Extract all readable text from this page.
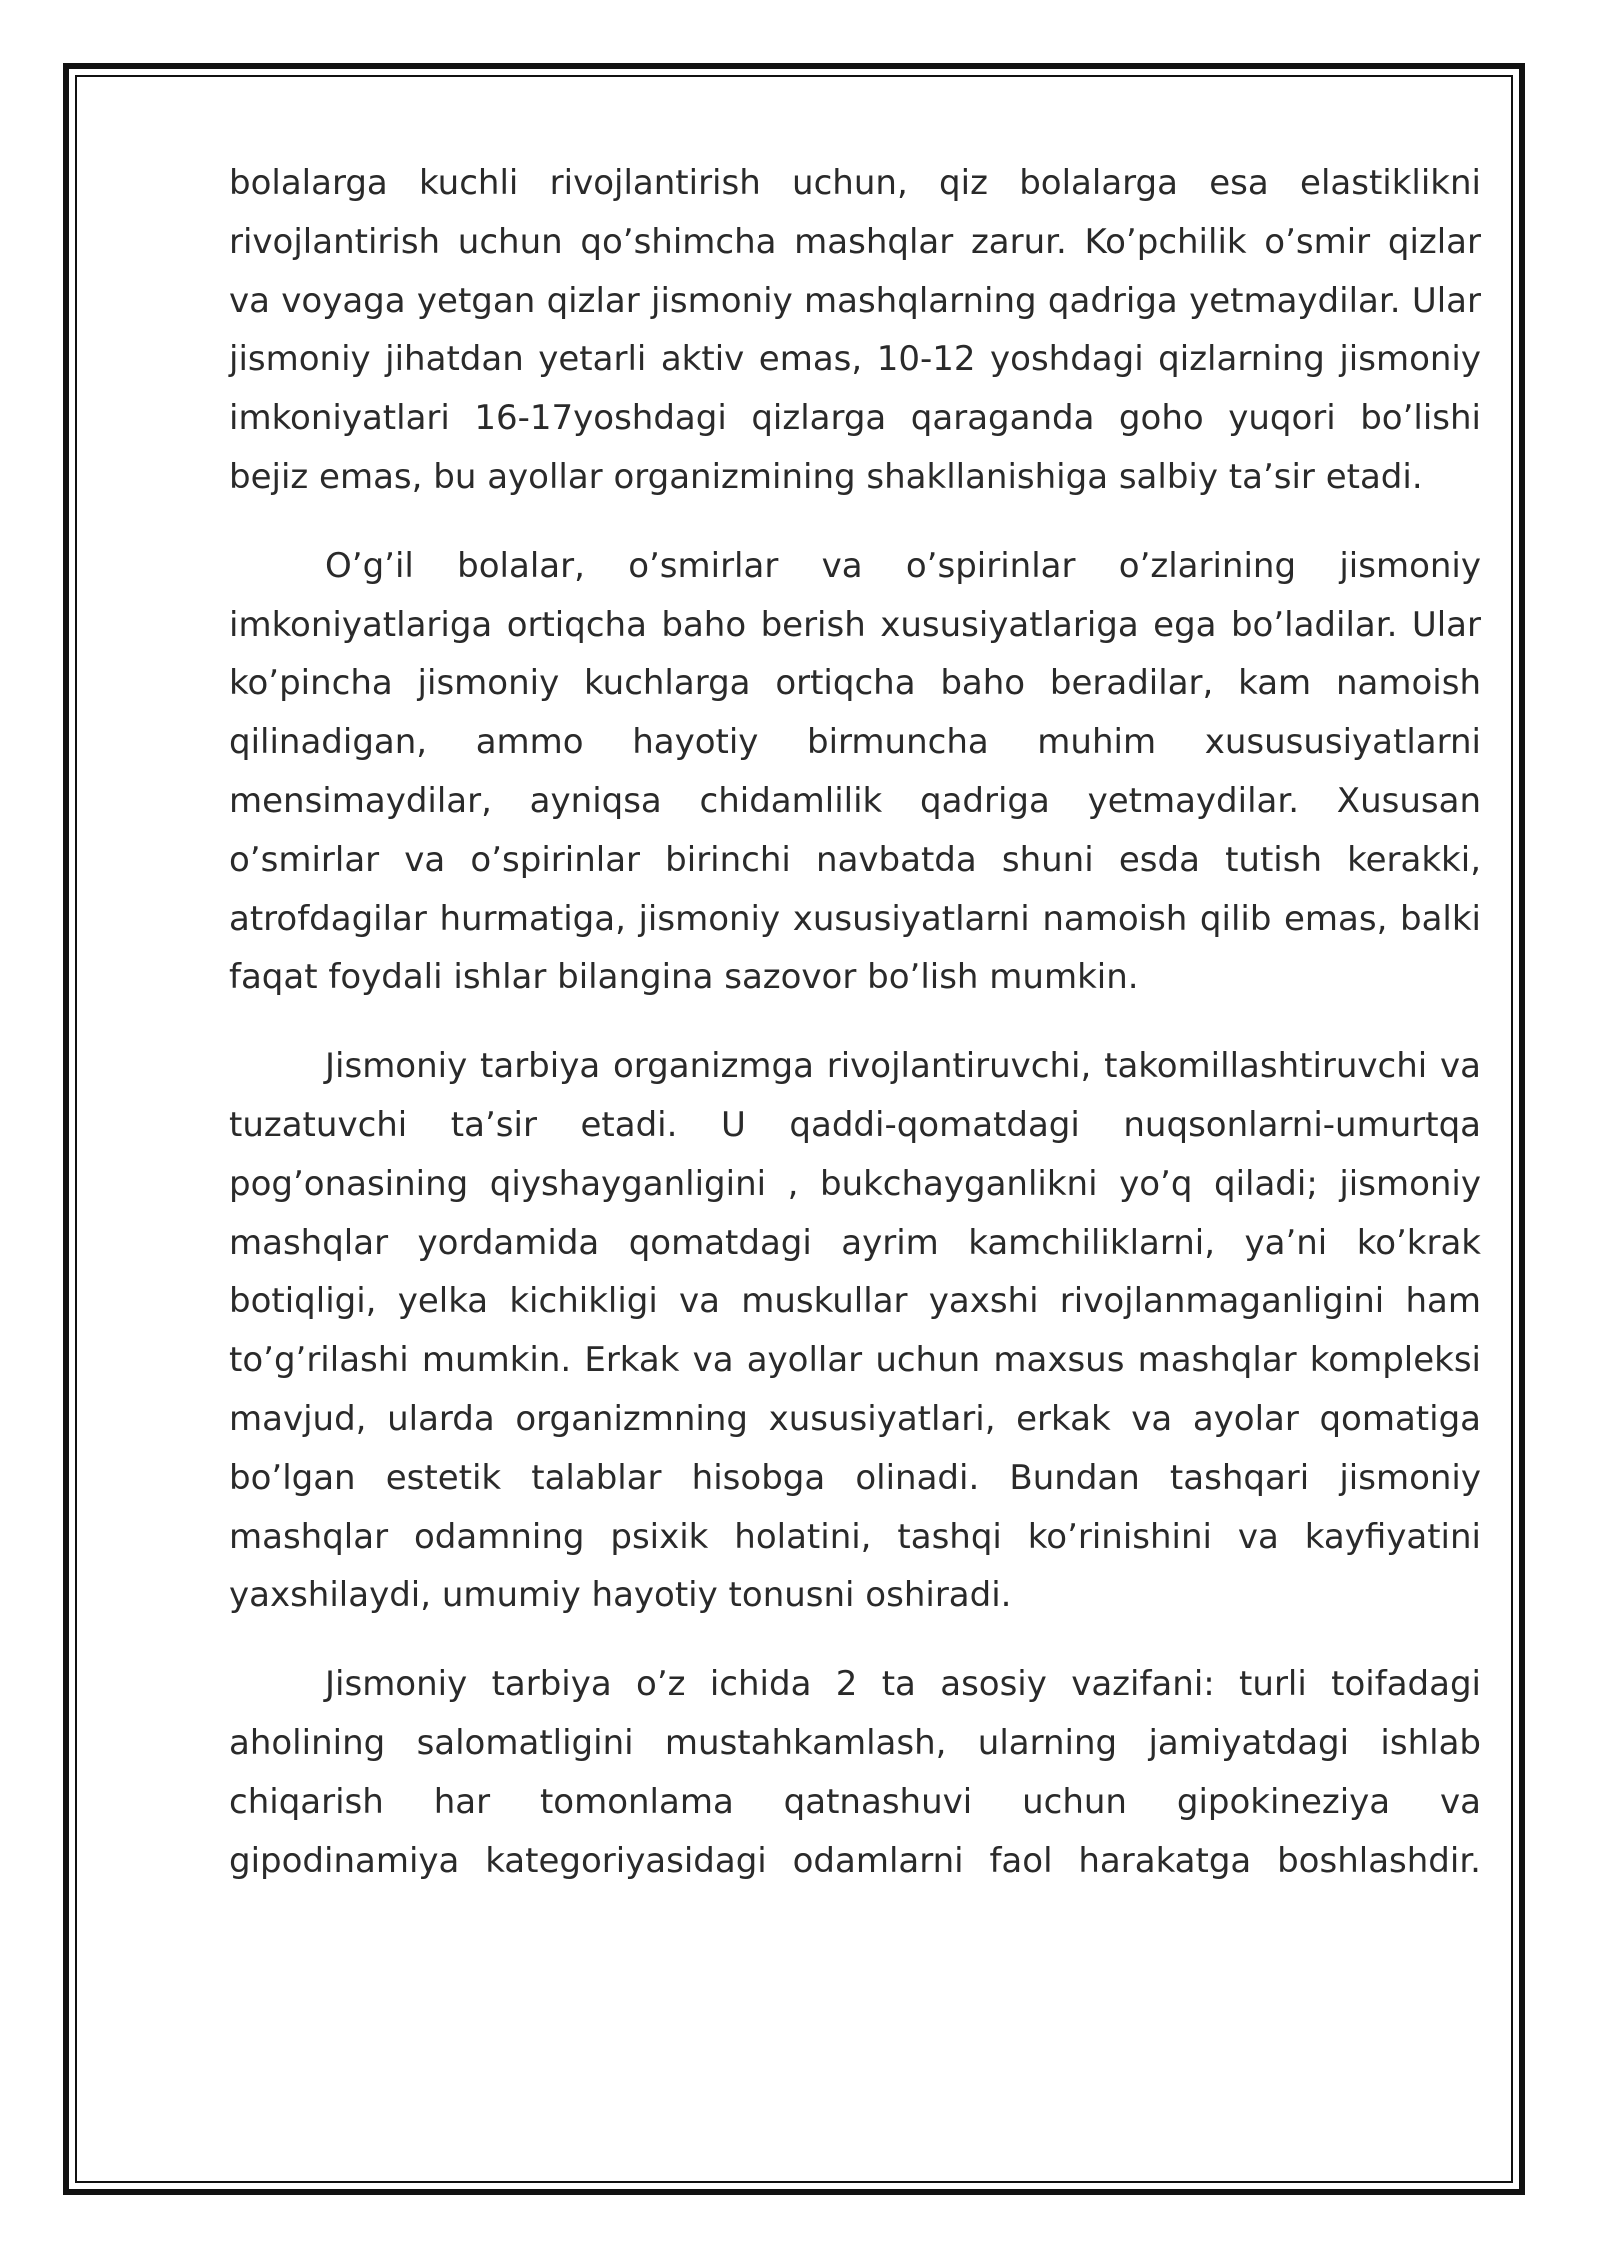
bolalarga kuchli rivojlantirish uchun, qiz bolalarga esa elastiklikni rivojlantirish uchun qo’shimcha mashqlar zarur. Ko’pchilik o’smir qizlar va voyaga yetgan qizlar jismoniy mashqlarning qadriga yetmaydilar. Ular jismoniy jihatdan yetarli aktiv emas, 10-12 yoshdagi qizlarning jismoniy imkoniyatlari 16-17yoshdagi qizlarga qaraganda goho yuqori bo’lishi bejiz emas, bu ayollar organizmining shakllanishiga salbiy ta’sir etadi.

O’g’il bolalar, o’smirlar va o’spirinlar o’zlarining jismoniy imkoniyatlariga ortiqcha baho berish xususiyatlariga ega bo’ladilar. Ular ko’pincha jismoniy kuchlarga ortiqcha baho beradilar, kam namoish qilinadigan, ammo hayotiy birmuncha muhim xusususiyatlarni mensimaydilar, ayniqsa chidamlilik qadriga yetmaydilar. Xususan o’smirlar va o’spirinlar birinchi navbatda shuni esda tutish kerakki, atrofdagilar hurmatiga, jismoniy xususiyatlarni namoish qilib emas, balki faqat foydali ishlar bilangina sazovor bo’lish mumkin.

Jismoniy tarbiya organizmga rivojlantiruvchi, takomillashtiruvchi va tuzatuvchi ta’sir etadi. U qaddi-qomatdagi nuqsonlarni-umurtqa pog’onasining qiyshayganligini , bukchayganlikni yo’q qiladi; jismoniy mashqlar yordamida qomatdagi ayrim kamchiliklarni, ya’ni ko’krak botiqligi, yelka kichikligi va muskullar yaxshi rivojlanmaganligini ham to’g’rilashi mumkin. Erkak va ayollar uchun maxsus mashqlar kompleksi mavjud, ularda organizmning xususiyatlari, erkak va ayolar qomatiga bo’lgan estetik talablar hisobga olinadi. Bundan tashqari jismoniy mashqlar odamning psixik holatini, tashqi ko’rinishini va kayfiyatini yaxshilaydi, umumiy hayotiy tonusni oshiradi.

Jismoniy tarbiya o’z ichida 2 ta asosiy vazifani: turli toifadagi aholining salomatligini mustahkamlash, ularning jamiyatdagi ishlab chiqarish har tomonlama qatnashuvi uchun gipokineziya va gipodinamiya kategoriyasidagi odamlarni faol harakatga boshlashdir.
